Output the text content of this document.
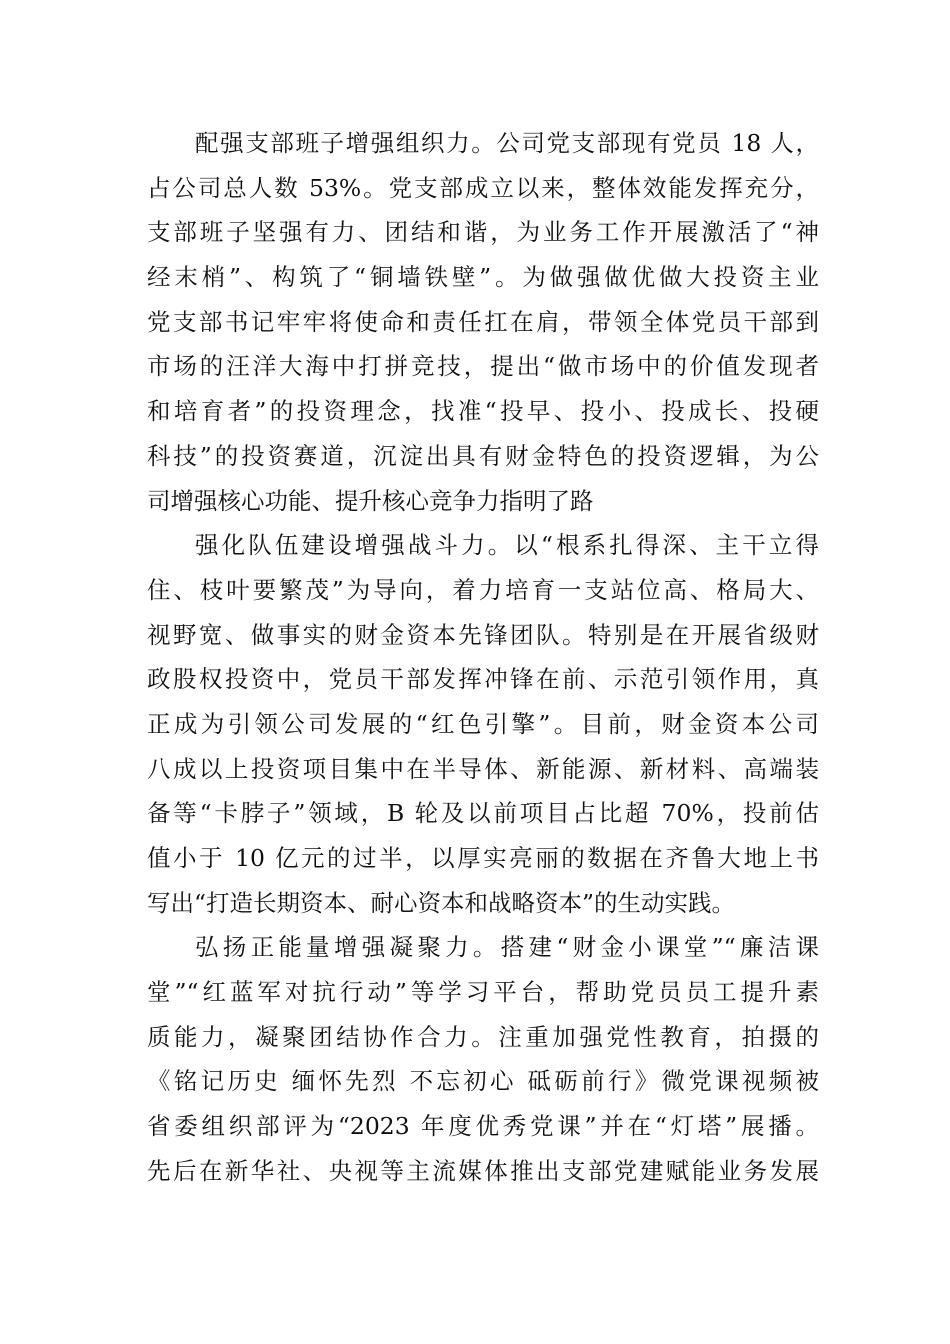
配强支部班子增强组织力。公司党支部现有党员 18 人，
占公司总人数 53%。党支部成立以来，整体效能发挥充分，
支部班子坚强有力、团结和谐，为业务工作开展激活了“神
经末梢”、构筑了“铜墙铁壁”。为做强做优做大投资主业
党支部书记牢牢将使命和责任扛在肩，带领全体党员干部到
市场的汪洋大海中打拼竞技，提出“做市场中的价值发现者
和培育者”的投资理念，找准“投早、投小、投成长、投硬
科技”的投资赛道，沉淀出具有财金特色的投资逻辑，为公
司增强核心功能、提升核心竞争力指明了路
强化队伍建设增强战斗力。以“根系扎得深、主干立得
住、枝叶要繁茂”为导向，着力培育一支站位高、格局大、
视野宽、做事实的财金资本先锋团队。特别是在开展省级财
政股权投资中，党员干部发挥冲锋在前、示范引领作用，真
正成为引领公司发展的“红色引擎”。目前，财金资本公司
八成以上投资项目集中在半导体、新能源、新材料、高端装
备等“卡脖子”领域，B 轮及以前项目占比超 70%，投前估
值小于 10 亿元的过半，以厚实亮丽的数据在齐鲁大地上书
写出“打造长期资本、耐心资本和战略资本”的生动实践。
弘扬正能量增强凝聚力。搭建“财金小课堂”“廉洁课
堂”“红蓝军对抗行动”等学习平台，帮助党员员工提升素
质能力，凝聚团结协作合力。注重加强党性教育，拍摄的
《铭记历史 缅怀先烈 不忘初心 砥砺前行》微党课视频被
省委组织部评为“2023 年度优秀党课”并在“灯塔”展播。
先后在新华社、央视等主流媒体推出支部党建赋能业务发展
